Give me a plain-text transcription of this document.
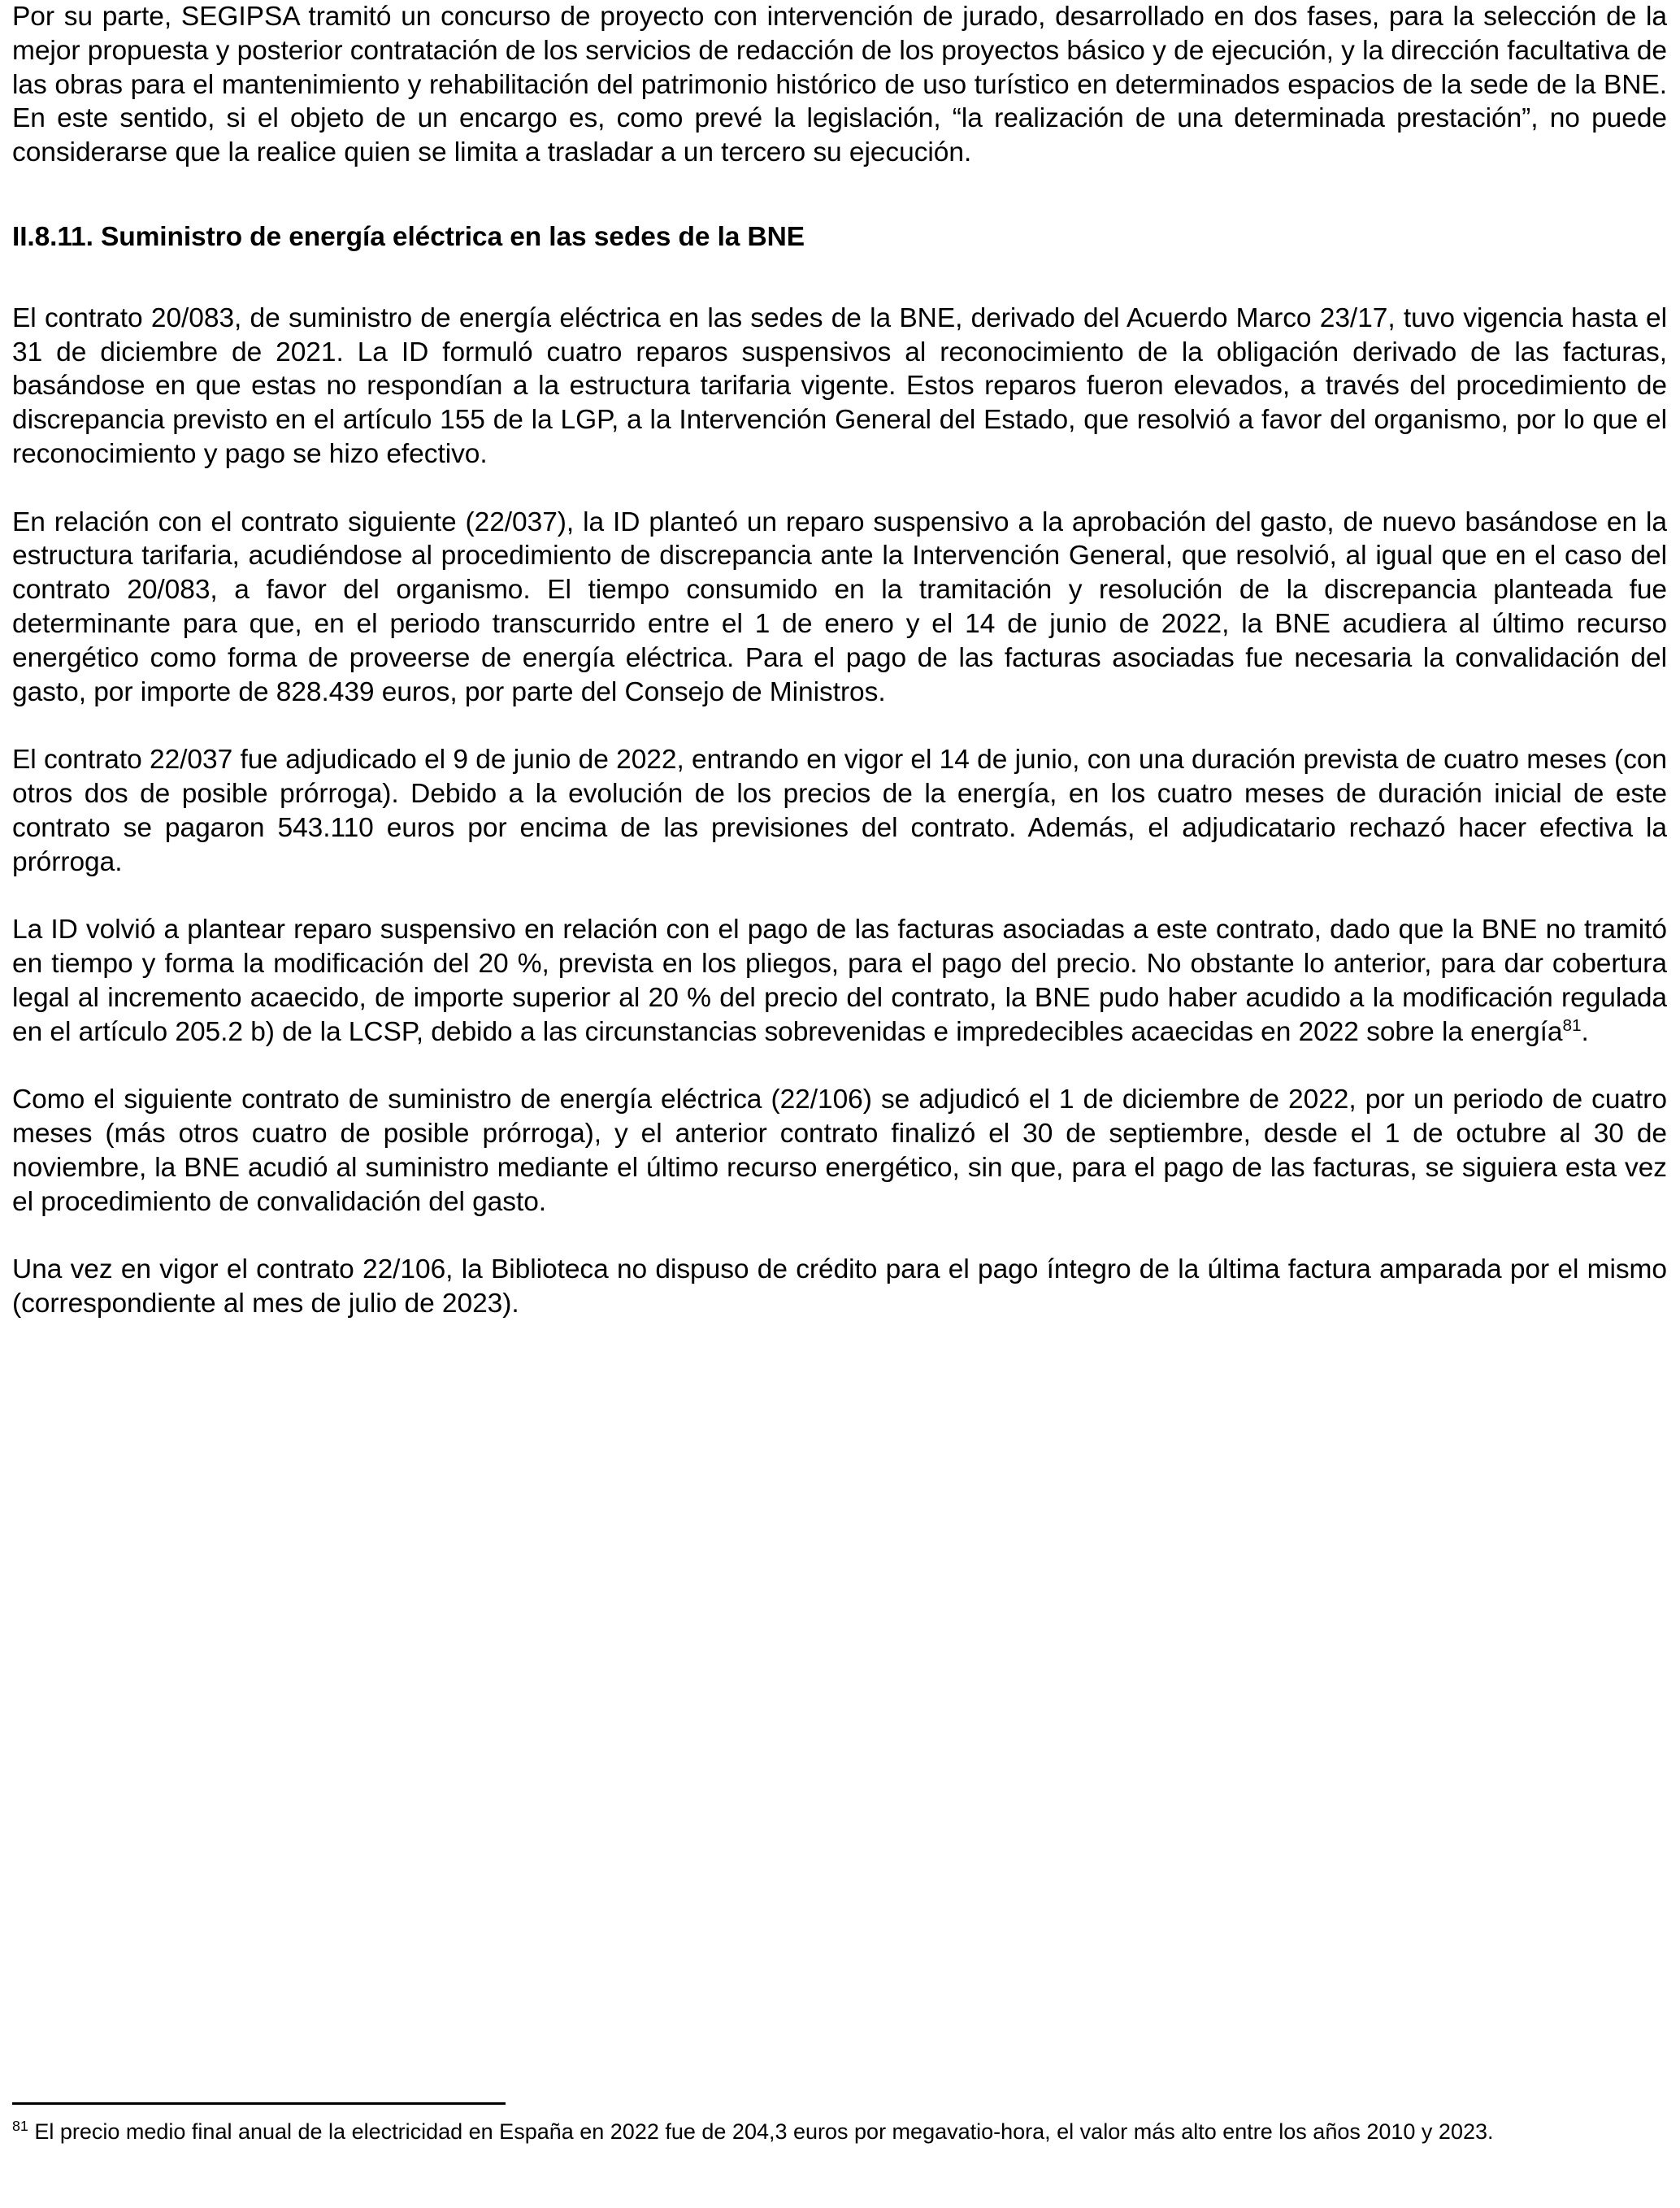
Por su parte, SEGIPSA tramitó un concurso de proyecto con intervención de jurado, desarrollado en dos fases, para la selección de la mejor propuesta y posterior contratación de los servicios de redacción de los proyectos básico y de ejecución, y la dirección facultativa de las obras para el mantenimiento y rehabilitación del patrimonio histórico de uso turístico en determinados espacios de la sede de la BNE. En este sentido, si el objeto de un encargo es, como prevé la legislación, “la realización de una determinada prestación”, no puede considerarse que la realice quien se limita a trasladar a un tercero su ejecución.

II.8.11. Suministro de energía eléctrica en las sedes de la BNE

El contrato 20/083, de suministro de energía eléctrica en las sedes de la BNE, derivado del Acuerdo Marco 23/17, tuvo vigencia hasta el 31 de diciembre de 2021. La ID formuló cuatro reparos suspensivos al reconocimiento de la obligación derivado de las facturas, basándose en que estas no respondían a la estructura tarifaria vigente. Estos reparos fueron elevados, a través del procedimiento de discrepancia previsto en el artículo 155 de la LGP, a la Intervención General del Estado, que resolvió a favor del organismo, por lo que el reconocimiento y pago se hizo efectivo.

En relación con el contrato siguiente (22/037), la ID planteó un reparo suspensivo a la aprobación del gasto, de nuevo basándose en la estructura tarifaria, acudiéndose al procedimiento de discrepancia ante la Intervención General, que resolvió, al igual que en el caso del contrato 20/083, a favor del organismo. El tiempo consumido en la tramitación y resolución de la discrepancia planteada fue determinante para que, en el periodo transcurrido entre el 1 de enero y el 14 de junio de 2022, la BNE acudiera al último recurso energético como forma de proveerse de energía eléctrica. Para el pago de las facturas asociadas fue necesaria la convalidación del gasto, por importe de 828.439 euros, por parte del Consejo de Ministros.

El contrato 22/037 fue adjudicado el 9 de junio de 2022, entrando en vigor el 14 de junio, con una duración prevista de cuatro meses (con otros dos de posible prórroga). Debido a la evolución de los precios de la energía, en los cuatro meses de duración inicial de este contrato se pagaron 543.110 euros por encima de las previsiones del contrato. Además, el adjudicatario rechazó hacer efectiva la prórroga.

La ID volvió a plantear reparo suspensivo en relación con el pago de las facturas asociadas a este contrato, dado que la BNE no tramitó en tiempo y forma la modificación del 20 %, prevista en los pliegos, para el pago del precio. No obstante lo anterior, para dar cobertura legal al incremento acaecido, de importe superior al 20 % del precio del contrato, la BNE pudo haber acudido a la modificación regulada en el artículo 205.2 b) de la LCSP, debido a las circunstancias sobrevenidas e impredecibles acaecidas en 2022 sobre la energía$^{81}$.

Como el siguiente contrato de suministro de energía eléctrica (22/106) se adjudicó el 1 de diciembre de 2022, por un periodo de cuatro meses (más otros cuatro de posible prórroga), y el anterior contrato finalizó el 30 de septiembre, desde el 1 de octubre al 30 de noviembre, la BNE acudió al suministro mediante el último recurso energético, sin que, para el pago de las facturas, se siguiera esta vez el procedimiento de convalidación del gasto.

Una vez en vigor el contrato 22/106, la Biblioteca no dispuso de crédito para el pago íntegro de la última factura amparada por el mismo (correspondiente al mes de julio de 2023).

$^{81}$ El precio medio final anual de la electricidad en España en 2022 fue de 204,3 euros por megavatio-hora, el valor más alto entre los años 2010 y 2023.
